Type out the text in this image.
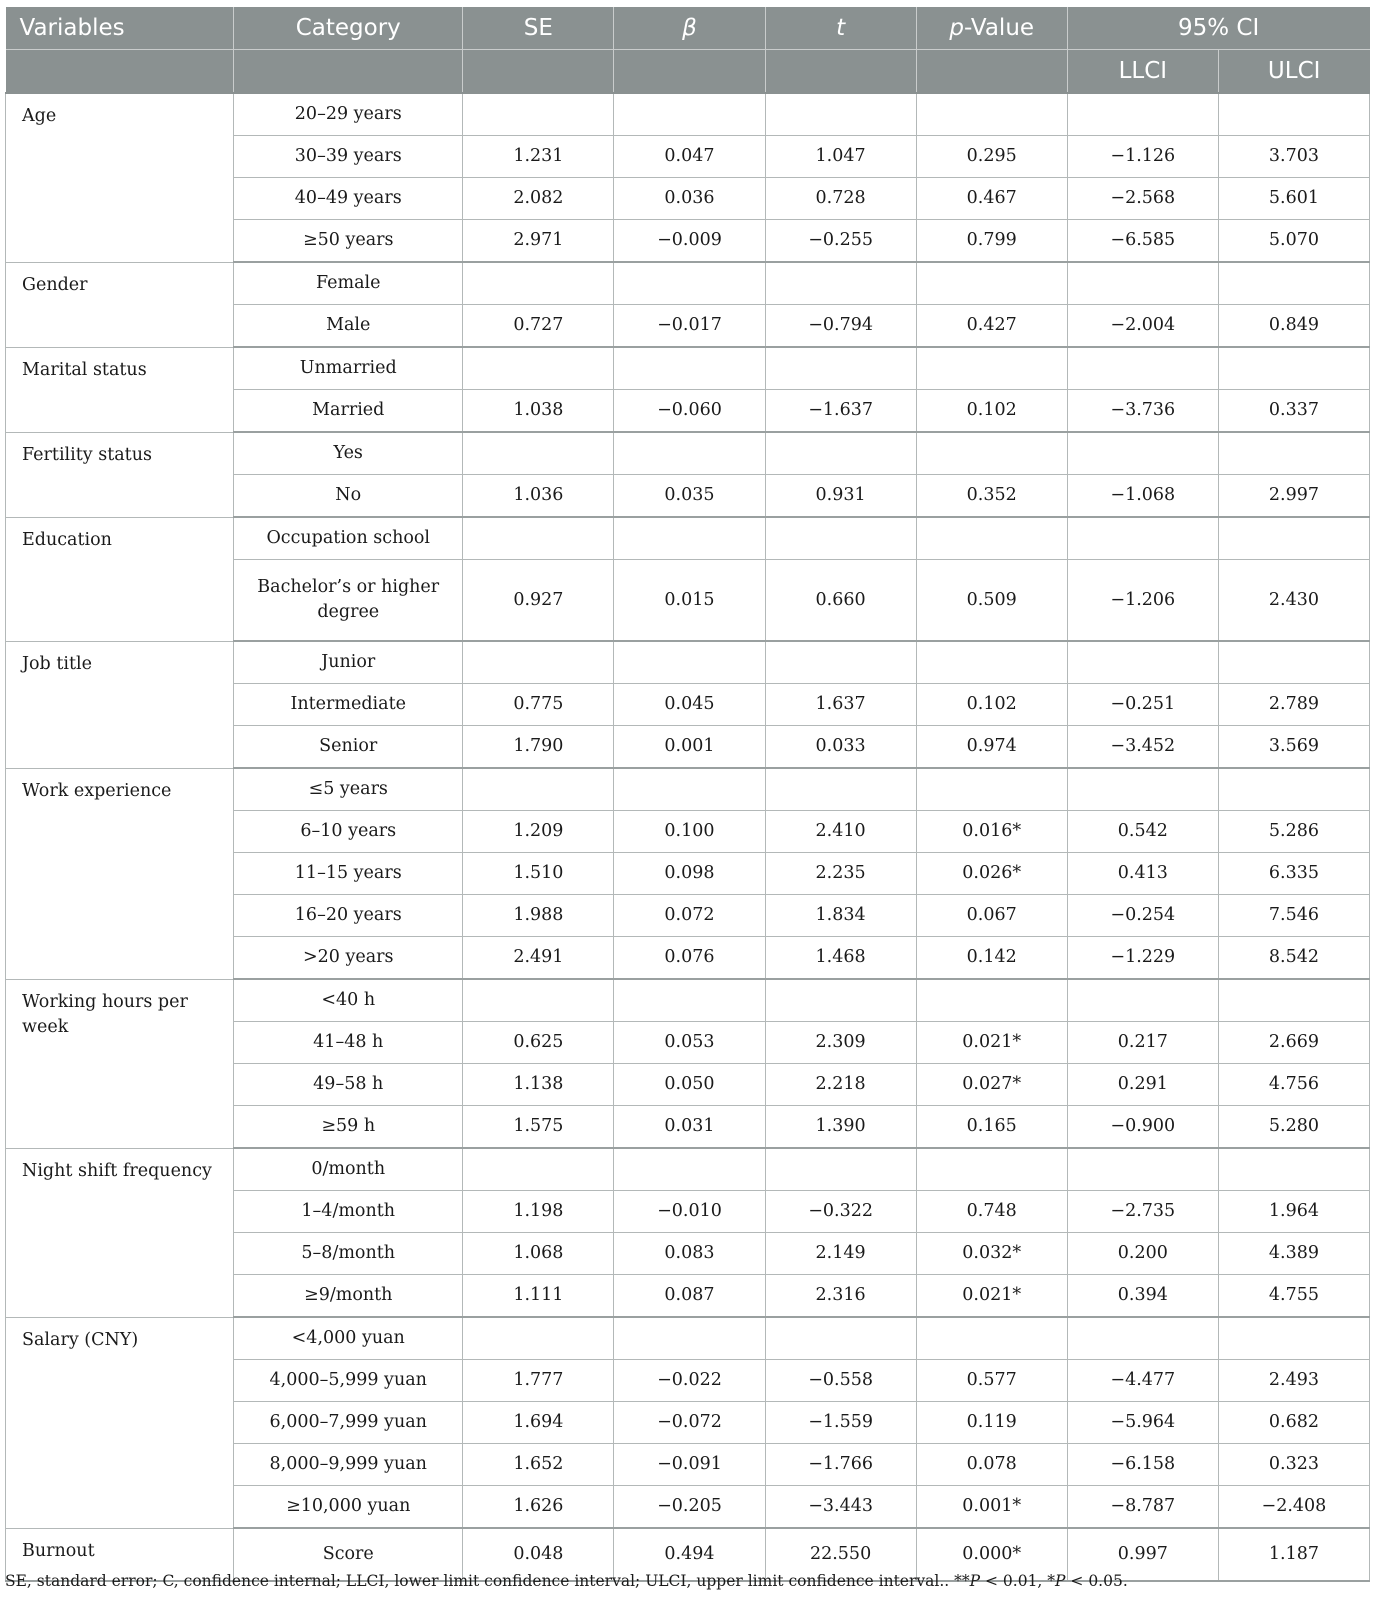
Variables	Category	SE	β	t	p-Value	95% CI	
						LLCI	ULCI
Age	20–29 years						
	30–39 years	1.231	0.047	1.047	0.295	−1.126	3.703
	40–49 years	2.082	0.036	0.728	0.467	−2.568	5.601
	≥50 years	2.971	−0.009	−0.255	0.799	−6.585	5.070
Gender	Female						
	Male	0.727	−0.017	−0.794	0.427	−2.004	0.849
Marital status	Unmarried						
	Married	1.038	−0.060	−1.637	0.102	−3.736	0.337
Fertility status	Yes						
	No	1.036	0.035	0.931	0.352	−1.068	2.997
Education	Occupation school						
	Bachelor’s or higher degree	0.927	0.015	0.660	0.509	−1.206	2.430
Job title	Junior						
	Intermediate	0.775	0.045	1.637	0.102	−0.251	2.789
	Senior	1.790	0.001	0.033	0.974	−3.452	3.569
Work experience	≤5 years						
	6–10 years	1.209	0.100	2.410	0.016*	0.542	5.286
	11–15 years	1.510	0.098	2.235	0.026*	0.413	6.335
	16–20 years	1.988	0.072	1.834	0.067	−0.254	7.546
	>20 years	2.491	0.076	1.468	0.142	−1.229	8.542
Working hours per week	<40 h						
	41–48 h	0.625	0.053	2.309	0.021*	0.217	2.669
	49–58 h	1.138	0.050	2.218	0.027*	0.291	4.756
	≥59 h	1.575	0.031	1.390	0.165	−0.900	5.280
Night shift frequency	0/month						
	1–4/month	1.198	−0.010	−0.322	0.748	−2.735	1.964
	5–8/month	1.068	0.083	2.149	0.032*	0.200	4.389
	≥9/month	1.111	0.087	2.316	0.021*	0.394	4.755
Salary (CNY)	<4,000 yuan						
	4,000–5,999 yuan	1.777	−0.022	−0.558	0.577	−4.477	2.493
	6,000–7,999 yuan	1.694	−0.072	−1.559	0.119	−5.964	0.682
	8,000–9,999 yuan	1.652	−0.091	−1.766	0.078	−6.158	0.323
	≥10,000 yuan	1.626	−0.205	−3.443	0.001*	−8.787	−2.408
Burnout	Score	0.048	0.494	22.550	0.000*	0.997	1.187
SE, standard error; C, confidence internal; LLCI, lower limit confidence interval; ULCI, upper limit confidence interval.. **P < 0.01, *P < 0.05.
